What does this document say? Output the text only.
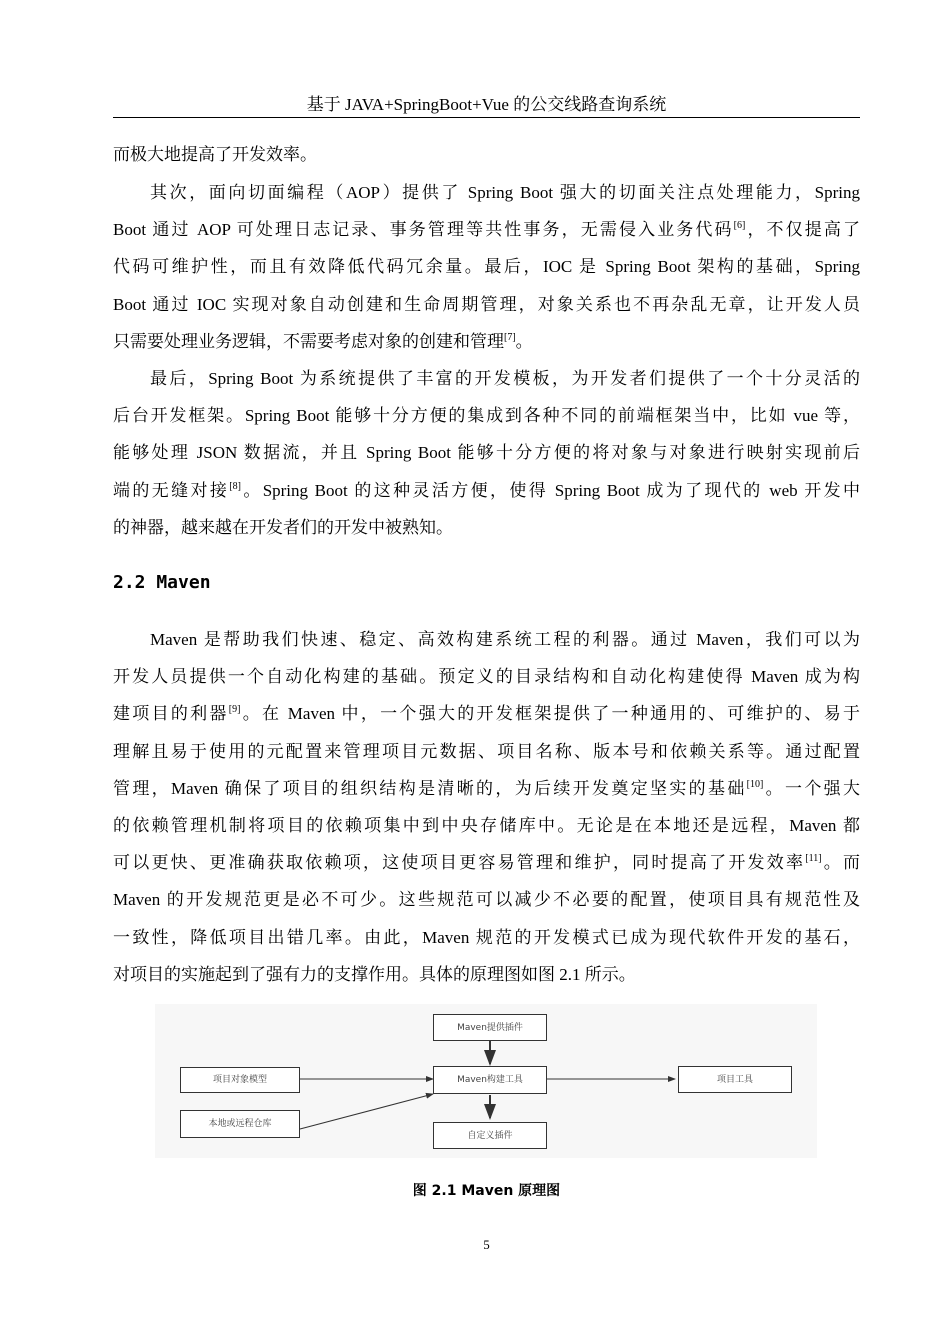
基于 JAVA+SpringBoot+Vue 的公交线路查询系统
而极大地提高了开发效率。
其次，面向切面编程（AOP）提供了 Spring Boot 强大的切面关注点处理能力，Spring
Boot 通过 AOP 可处理日志记录、事务管理等共性事务，无需侵入业务代码[6]，不仅提高了
代码可维护性，而且有效降低代码冗余量。最后，IOC 是 Spring Boot 架构的基础，Spring
Boot 通过 IOC 实现对象自动创建和生命周期管理，对象关系也不再杂乱无章，让开发人员
只需要处理业务逻辑，不需要考虑对象的创建和管理[7]。
最后，Spring Boot 为系统提供了丰富的开发模板，为开发者们提供了一个十分灵活的
后台开发框架。Spring Boot 能够十分方便的集成到各种不同的前端框架当中，比如 vue 等，
能够处理 JSON 数据流，并且 Spring Boot 能够十分方便的将对象与对象进行映射实现前后
端的无缝对接[8]。Spring Boot 的这种灵活方便，使得 Spring Boot 成为了现代的 web 开发中
的神器，越来越在开发者们的开发中被熟知。
2.2 Maven
Maven 是帮助我们快速、稳定、高效构建系统工程的利器。通过 Maven，我们可以为
开发人员提供一个自动化构建的基础。预定义的目录结构和自动化构建使得 Maven 成为构
建项目的利器[9]。在 Maven 中，一个强大的开发框架提供了一种通用的、可维护的、易于
理解且易于使用的元配置来管理项目元数据、项目名称、版本号和依赖关系等。通过配置
管理，Maven 确保了项目的组织结构是清晰的，为后续开发奠定坚实的基础[10]。一个强大
的依赖管理机制将项目的依赖项集中到中央存储库中。无论是在本地还是远程，Maven 都
可以更快、更准确获取依赖项，这使项目更容易管理和维护，同时提高了开发效率[11]。而
Maven 的开发规范更是必不可少。这些规范可以减少不必要的配置，使项目具有规范性及
一致性，降低项目出错几率。由此，Maven 规范的开发模式已成为现代软件开发的基石，
对项目的实施起到了强有力的支撑作用。具体的原理图如图 2.1 所示。
Maven提供插件
Maven构建工具
项目对象模型
本地或远程仓库
项目工具
自定义插件
图 2.1 Maven 原理图
5
